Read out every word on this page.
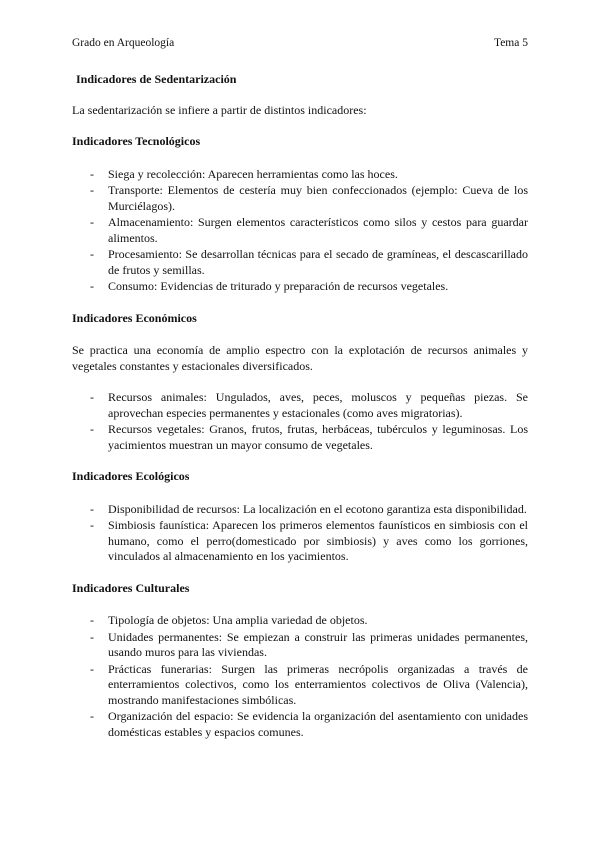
Grado en Arqueología	Tema 5
Indicadores de Sedentarización

La sedentarización se infiere a partir de distintos indicadores:

Indicadores Tecnológicos
- Siega y recolección: Aparecen herramientas como las hoces.
- Transporte: Elementos de cestería muy bien confeccionados (ejemplo: Cueva de los Murciélagos).
- Almacenamiento: Surgen elementos característicos como silos y cestos para guardar alimentos.
- Procesamiento: Se desarrollan técnicas para el secado de gramíneas, el descascarillado de frutos y semillas.
- Consumo: Evidencias de triturado y preparación de recursos vegetales.
Indicadores Económicos

Se practica una economía de amplio espectro con la explotación de recursos animales y vegetales constantes y estacionales diversificados.

- Recursos animales: Ungulados, aves, peces, moluscos y pequeñas piezas. Se aprovechan especies permanentes y estacionales (como aves migratorias).
- Recursos vegetales: Granos, frutos, frutas, herbáceas, tubérculos y leguminosas. Los yacimientos muestran un mayor consumo de vegetales.
Indicadores Ecológicos
- Disponibilidad de recursos: La localización en el ecotono garantiza esta disponibilidad.
- Simbiosis faunística: Aparecen los primeros elementos faunísticos en simbiosis con el humano, como el perro(domesticado por simbiosis) y aves como los gorriones, vinculados al almacenamiento en los yacimientos.
Indicadores Culturales
- Tipología de objetos: Una amplia variedad de objetos.
- Unidades permanentes: Se empiezan a construir las primeras unidades permanentes, usando muros para las viviendas.
- Prácticas funerarias: Surgen las primeras necrópolis organizadas a través de enterramientos colectivos, como los enterramientos colectivos de Oliva (Valencia), mostrando manifestaciones simbólicas.
- Organización del espacio: Se evidencia la organización del asentamiento con unidades domésticas estables y espacios comunes.
